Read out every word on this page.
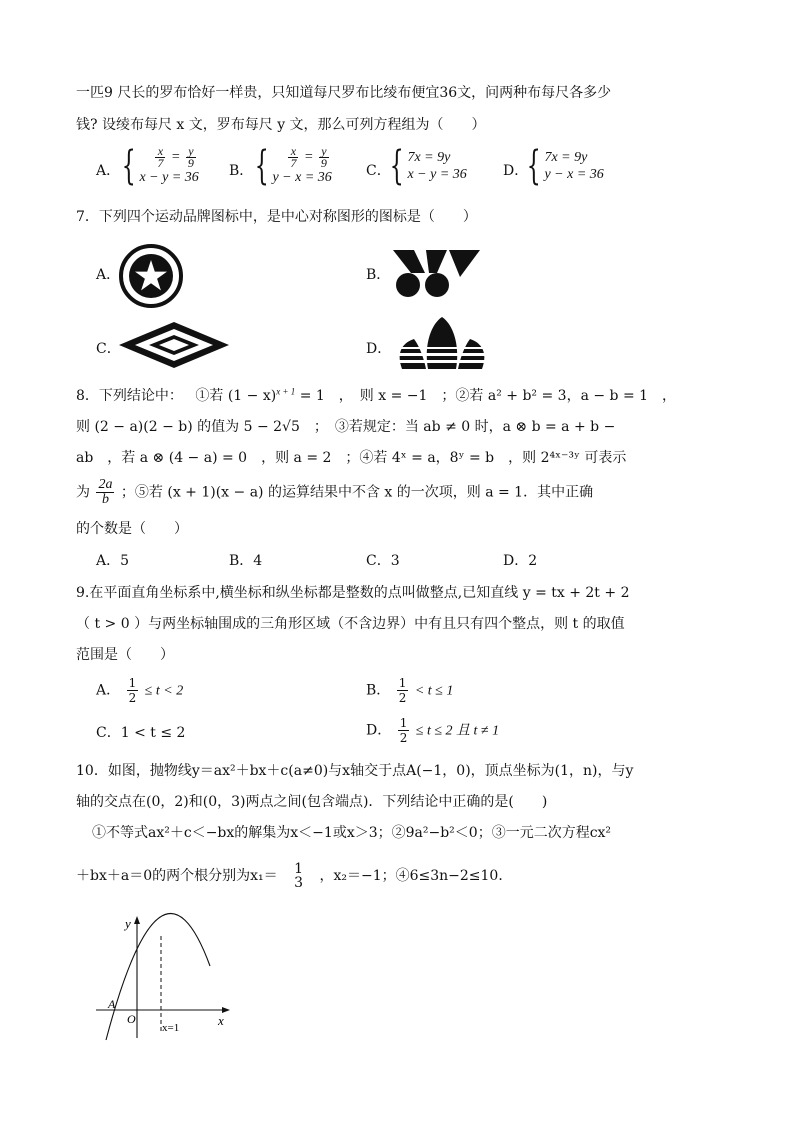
一匹9 尺长的罗布恰好一样贵，只知道每尺罗布比绫布便宜36文，问两种布每尺各多少
钱? 设绫布每尺 x 文，罗布每尺 y 文，那么可列方程组为（　　）
A． { $\frac{x}{7} = \frac{y}{9}$
x − y = 36 B． { $\frac{x}{7} = \frac{y}{9}$
y − x = 36 C． { 7x = 9y
x − y = 36	D．
{ 7x = 9y
y − x = 36
7．下列四个运动品牌图标中，是中心对称图形的图标是（　　）
A．	B．
C．	D．
8．下列结论中： ①若 $(1 - x)^{x + 1} = 1$　，　则 x = −1　；②若 a² + b² = 3，a − b = 1　，
则 (2 − a)(2 − b) 的值为 5 − 2√5　；　③若规定：当 ab ≠ 0 时，a ⊗ b = a + b −
ab　，若 a ⊗ (4 − a) = 0　，则 a = 2　；④若 4ˣ = a，8ʸ = b　，则 2⁴ˣ⁻³ʸ 可表示
为 $\frac{2a}{b}$ ；⑤若 (x + 1)(x − a) 的运算结果中不含 x 的一次项，则 a = 1．其中正确
的个数是（　　）
A．5	B．4	C．3	D．2
9.在平面直角坐标系中,横坐标和纵坐标都是整数的点叫做整点,已知直线 y = tx + 2t + 2
（ t > 0 ）与两坐标轴围成的三角形区域（不含边界）中有且只有四个整点，则 t 的取值
范围是（　　）
A． $\frac{1}{2} \le t < 2$	B． $\frac{1}{2} < t \le 1$
C．1 < t ≤ 2	D． $\frac{1}{2} \le t \le 2$ 且 t ≠ 1
10．如图，抛物线y＝ax²＋bx＋c(a≠0)与x轴交于点A(−1，0)，顶点坐标为(1，n)，与y
轴的交点在(0，2)和(0，3)两点之间(包含端点)．下列结论中正确的是(　　)
①不等式ax²＋c＜−bx的解集为x＜−1或x＞3；②9a²−b²＜0；③一元二次方程cx²
＋bx＋a＝0的两个根分别为x₁＝ 1
3 ，x₂＝−1；④6≤3n−2≤10．
y
x
A
O
x=1
